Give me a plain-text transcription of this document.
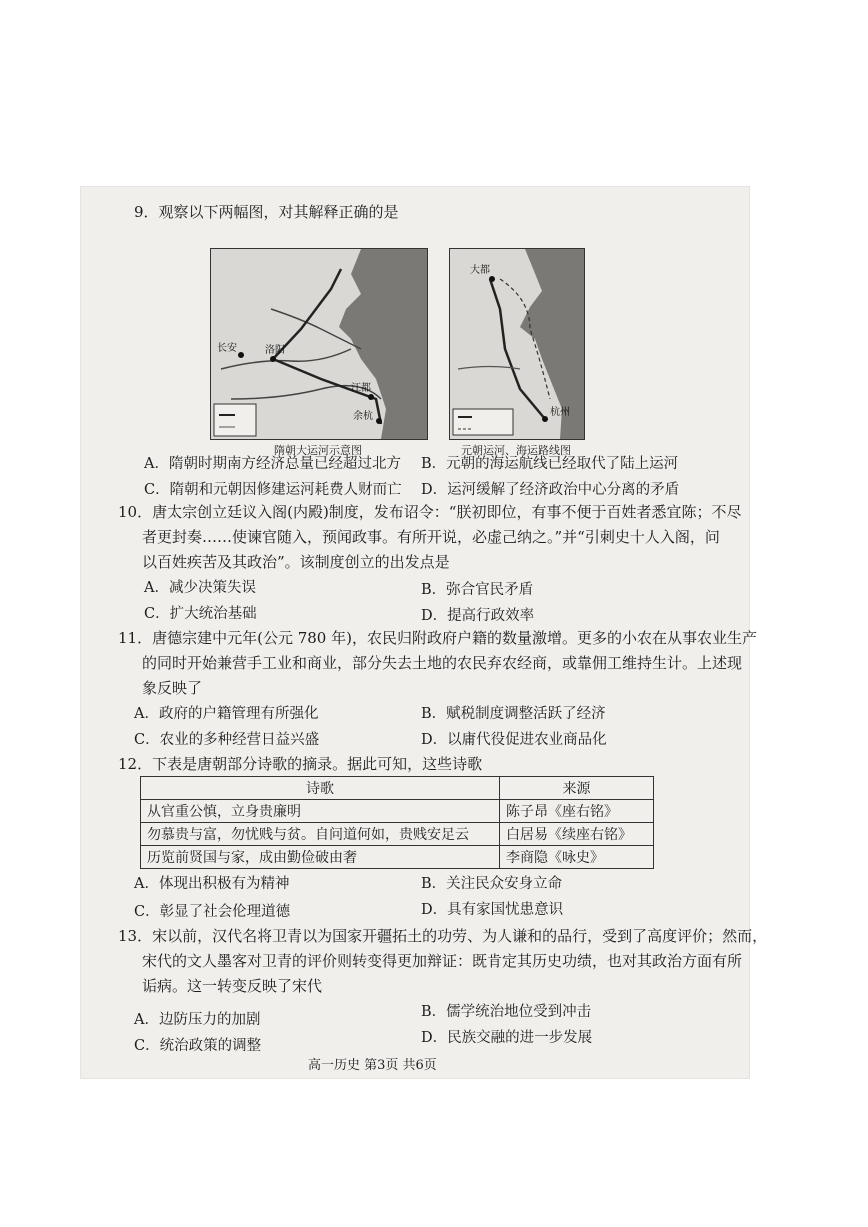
9．观察以下两幅图，对其解释正确的是
长安	洛阳
江都
余杭
隋朝大运河示意图
大都
杭州
元朝运河、海运路线图
A．隋朝时期南方经济总量已经超过北方 B．元朝的海运航线已经取代了陆上运河
C．隋朝和元朝因修建运河耗费人财而亡 D．运河缓解了经济政治中心分离的矛盾
10．唐太宗创立廷议入阁(内殿)制度，发布诏令：“朕初即位，有事不便于百姓者悉宜陈；不尽
者更封奏……使谏官随入，预闻政事。有所开说，必虚己纳之。”并“引刺史十人入阁，问
以百姓疾苦及其政治”。该制度创立的出发点是
A．减少决策失误	B．弥合官民矛盾
C．扩大统治基础	D．提高行政效率
11．唐德宗建中元年(公元 780 年)，农民归附政府户籍的数量激增。更多的小农在从事农业生产
的同时开始兼营手工业和商业，部分失去土地的农民弃农经商，或靠佣工维持生计。上述现
象反映了
A．政府的户籍管理有所强化	B．赋税制度调整活跃了经济
C．农业的多种经营日益兴盛	D．以庸代役促进农业商品化
12．下表是唐朝部分诗歌的摘录。据此可知，这些诗歌
诗歌	来源
从官重公慎，立身贵廉明	陈子昂《座右铭》
勿慕贵与富，勿忧贱与贫。自问道何如，贵贱安足云	白居易《续座右铭》
历览前贤国与家，成由勤俭破由奢	李商隐《咏史》
A．体现出积极有为精神	B．关注民众安身立命
C．彰显了社会伦理道德	D．具有家国忧患意识
13．宋以前，汉代名将卫青以为国家开疆拓土的功劳、为人谦和的品行，受到了高度评价；然而，
宋代的文人墨客对卫青的评价则转变得更加辩证：既肯定其历史功绩，也对其政治方面有所
诟病。这一转变反映了宋代
A．边防压力的加剧	B．儒学统治地位受到冲击
C．统治政策的调整	D．民族交融的进一步发展
高一历史 第3页 共6页
